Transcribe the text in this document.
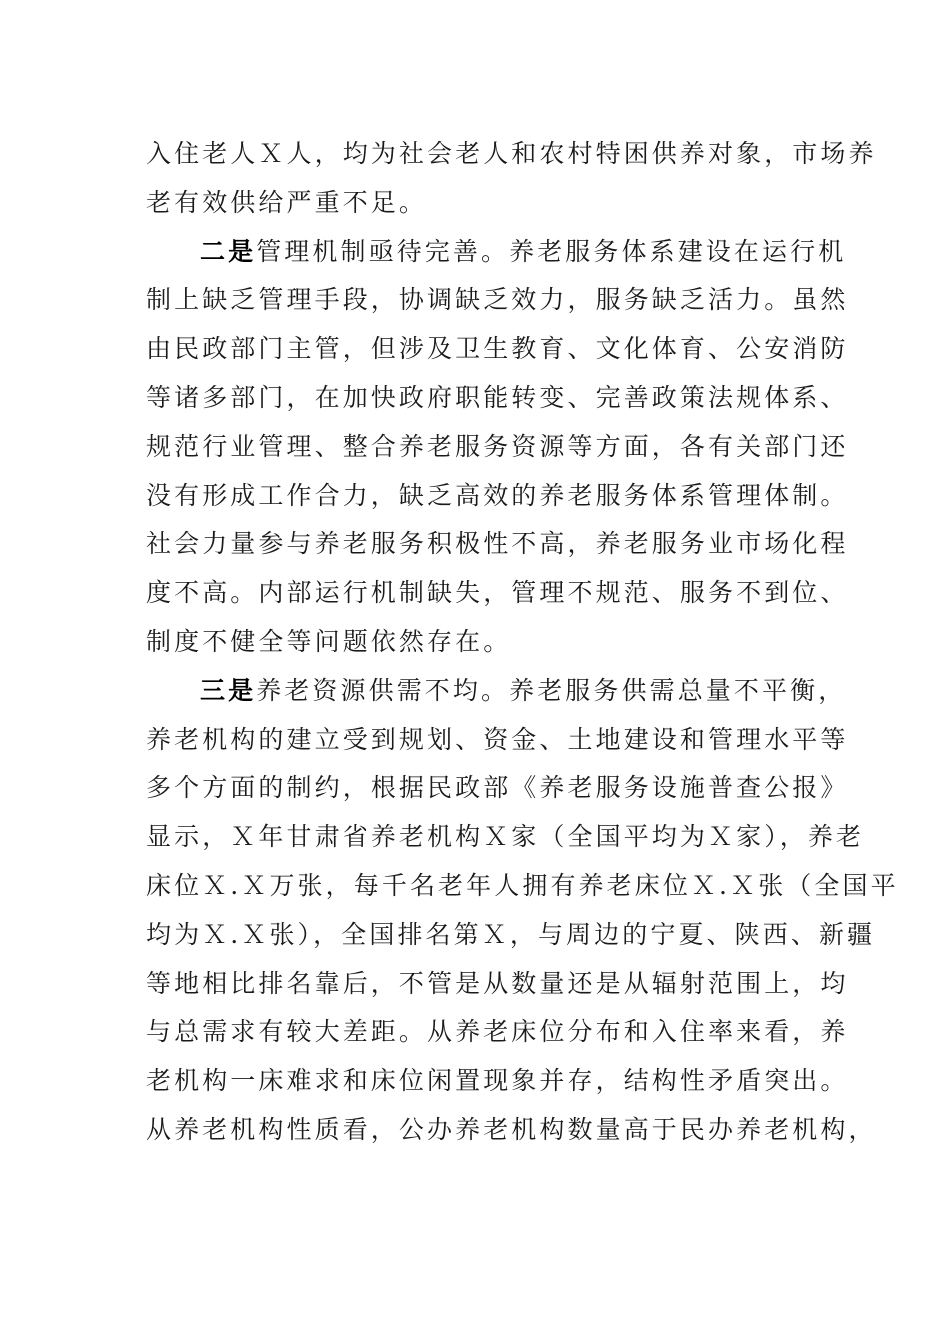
入住老人Ｘ人，均为社会老人和农村特困供养对象，市场养
老有效供给严重不足。
二是管理机制亟待完善。养老服务体系建设在运行机
制上缺乏管理手段，协调缺乏效力，服务缺乏活力。虽然
由民政部门主管，但涉及卫生教育、文化体育、公安消防
等诸多部门，在加快政府职能转变、完善政策法规体系、
规范行业管理、整合养老服务资源等方面，各有关部门还
没有形成工作合力，缺乏高效的养老服务体系管理体制。
社会力量参与养老服务积极性不高，养老服务业市场化程
度不高。内部运行机制缺失，管理不规范、服务不到位、
制度不健全等问题依然存在。
三是养老资源供需不均。养老服务供需总量不平衡，
养老机构的建立受到规划、资金、土地建设和管理水平等
多个方面的制约，根据民政部《养老服务设施普查公报》
显示，Ｘ年甘肃省养老机构Ｘ家（全国平均为Ｘ家），养老
床位Ｘ.Ｘ万张，每千名老年人拥有养老床位Ｘ.Ｘ张（全国平
均为Ｘ.Ｘ张），全国排名第Ｘ，与周边的宁夏、陕西、新疆
等地相比排名靠后，不管是从数量还是从辐射范围上，均
与总需求有较大差距。从养老床位分布和入住率来看，养
老机构一床难求和床位闲置现象并存，结构性矛盾突出。
从养老机构性质看，公办养老机构数量高于民办养老机构，
